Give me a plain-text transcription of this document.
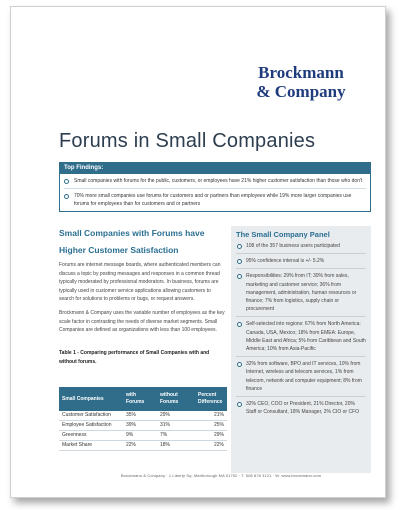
Brockmann
& Company
Forums in Small Companies
Top Findings:
Small companies with forums for the public, customers, or employees have 21% higher customer satisfaction than those who don't
70% more small companies use forums for customers and or partners than employees while 19% more larger companies use forums for employees than for customers and or partners
Small Companies with Forums have Higher Customer Satisfaction
Forums are internet message boards, where authenticated members can discuss a topic by posting messages and responses in a common thread typically moderated by professional moderators. In business, forums are typically used in customer service applications allowing customers to search for solutions to problems or bugs, or request answers.
Brockmann & Company uses the variable number of employees as the key scale factor in contrasting the needs of diverse market segments. Small Companies are defined as organizations with less than 100 employees.
Table 1 - Comparing performance of Small Companies with and without forums.
Small Companies	with Forums	without Forums	Percent Difference
Customer Satisfaction	35%	29%	21%
Employee Satisfaction	39%	31%	25%
Greenness	9%	7%	29%
Market Share	22%	18%	22%
The Small Company Panel
108 of the 357 business users participated
95% confidence interval is +/- 5.2%
Responsibilities: 29% from IT; 30% from sales, marketing and customer service; 36% from management, administration, human resources or finance; 7% from logistics, supply chain or procurement
Self-selected into regions: 67% from North America: Canada, USA, Mexico; 18% from EMEA: Europe, Middle East and Africa; 5% from Caribbean and South America; 10% from Asia-Pacific
32% from software, BPO and IT services, 10% from Internet, wireless and telecom services, 1% from telecom, network and computer equipment; 8% from finance
32% CEO, COO or President, 21% Director, 20% Staff or Consultant, 18% Manager, 2% CIO or CFO
Brockmann & Company · 1 Liberty Sq, Marlborough MA 01752 · T. 508 878 3121 · W. www.brockmann.com
